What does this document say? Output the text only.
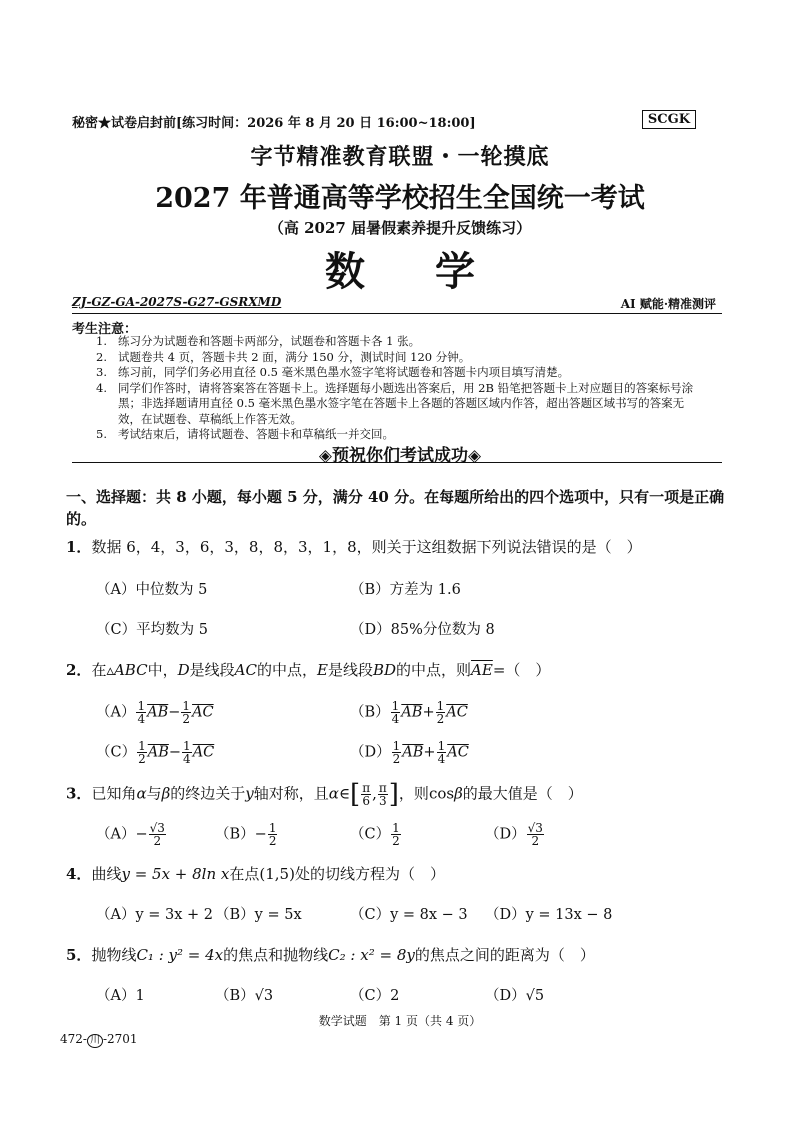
秘密★试卷启封前[练习时间：2026 年 8 月 20 日 16:00~18:00]	SCGK
字节精准教育联盟・一轮摸底
2027 年普通高等学校招生全国统一考试
（高 2027 届暑假素养提升反馈练习）
数学
ZJ-GZ-GA-2027S-G27-GSRXMD	AI 赋能·精准测评
考生注意：
1. 练习分为试题卷和答题卡两部分，试题卷和答题卡各 1 张。
2. 试题卷共 4 页，答题卡共 2 面，满分 150 分，测试时间 120 分钟。
3. 练习前，同学们务必用直径 0.5 毫米黑色墨水签字笔将试题卷和答题卡内项目填写清楚。
4. 同学们作答时，请将答案答在答题卡上。选择题每小题选出答案后，用 2B 铅笔把答题卡上对应题目的答案标号涂黑；非选择题请用直径 0.5 毫米黑色墨水签字笔在答题卡上各题的答题区域内作答，超出答题区域书写的答案无效，在试题卷、草稿纸上作答无效。
5. 考试结束后，请将试题卷、答题卡和草稿纸一并交回。
◈预祝你们考试成功◈
一、选择题：共 8 小题，每小题 5 分，满分 40 分。在每题所给出的四个选项中，只有一项是正确的。
1．数据 6，4，3，6，3，8，8，3，1，8，则关于这组数据下列说法错误的是（　）
（A）中位数为 5	（B）方差为 1.6
（C）平均数为 5	（D）85%分位数为 8
2．在▵ABC中，D是线段AC的中点，E是线段BD的中点，则$\overline{AE}=$（　）
$(A) \frac{1}{4} \overline{AB}- \frac{1}{2} \overline{AC}$	$(B) \frac{1}{4} \overline{AB}+ \frac{1}{2} \overline{AC}$
$(C) \frac{1}{2} \overline{AB}- \frac{1}{4} \overline{AC}$	$(D) \frac{1}{2} \overline{AB}+ \frac{1}{4} \overline{AC}$
3．已知角α与β的终边关于y轴对称，且α∈[ $\frac{\pi}{6}$ , $\frac{\pi}{3}$ ]，则cosβ的最大值是（　）
$(A)- \frac{√3}{2}$	$(B)- \frac{1}{2}$	$(C) \frac{1}{2}$	$(D) \frac{√3}{2}$
4．曲线y = 5x + 8ln x在点(1,5)处的切线方程为（　）
（A）y = 3x + 2 （B）y = 5x	（C）y = 8x − 3 （D）y = 13x − 8
5．抛物线C₁ : y² = 4x的焦点和抛物线C₂ : x² = 8y的焦点之间的距离为（　）
（A）1	（B）√3	（C）2	（D）√5
数学试题　第 1 页（共 4 页）
472- 川 -2701
